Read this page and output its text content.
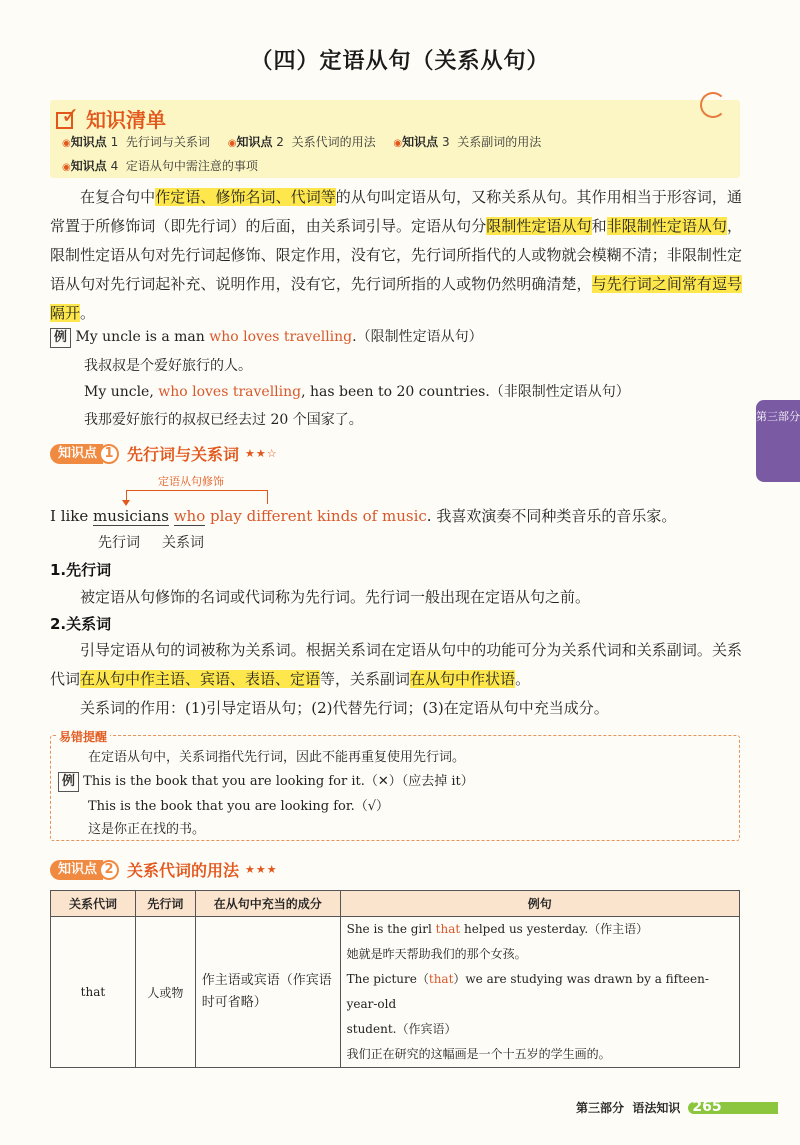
（四）定语从句（关系从句）
✓ 知识清单
◉知识点 1 先行词与关系词 ◉知识点 2 关系代词的用法 ◉知识点 3 关系副词的用法
◉知识点 4 定语从句中需注意的事项
在复合句中作定语、修饰名词、代词等的从句叫定语从句，又称关系从句。其作用相当于形容词，通常置于所修饰词（即先行词）的后面，由关系词引导。定语从句分限制性定语从句和非限制性定语从句，限制性定语从句对先行词起修饰、限定作用，没有它，先行词所指代的人或物就会模糊不清；非限制性定语从句对先行词起补充、说明作用，没有它，先行词所指的人或物仍然明确清楚，与先行词之间常有逗号隔开。
例 My uncle is a man who loves travelling.（限制性定语从句）
我叔叔是个爱好旅行的人。
My uncle, who loves travelling, has been to 20 countries.（非限制性定语从句）
我那爱好旅行的叔叔已经去过 20 个国家了。	第三部分
知识点 1 先行词与关系词 ★★☆
定语从句修饰
I like musicians who play different kinds of music. 我喜欢演奏不同种类音乐的音乐家。
先行词 关系词
1.先行词
被定语从句修饰的名词或代词称为先行词。先行词一般出现在定语从句之前。
2.关系词
引导定语从句的词被称为关系词。根据关系词在定语从句中的功能可分为关系代词和关系副词。关系代词在从句中作主语、宾语、表语、定语等，关系副词在从句中作状语。
关系词的作用：(1)引导定语从句；(2)代替先行词；(3)在定语从句中充当成分。
易错提醒
在定语从句中，关系词指代先行词，因此不能再重复使用先行词。
例 This is the book that you are looking for it.（✕）（应去掉 it）
This is the book that you are looking for.（√）
这是你正在找的书。
知识点 2 关系代词的用法 ★★★
关系代词	先行词	在从句中充当的成分	例句
that	人或物	作主语或宾语（作宾语时可省略）	She is the girl that helped us yesterday.（作主语）
她就是昨天帮助我们的那个女孩。
The picture（that）we are studying was drawn by a fifteen-year-old
student.（作宾语）
我们正在研究的这幅画是一个十五岁的学生画的。
第三部分
语法知识 265
